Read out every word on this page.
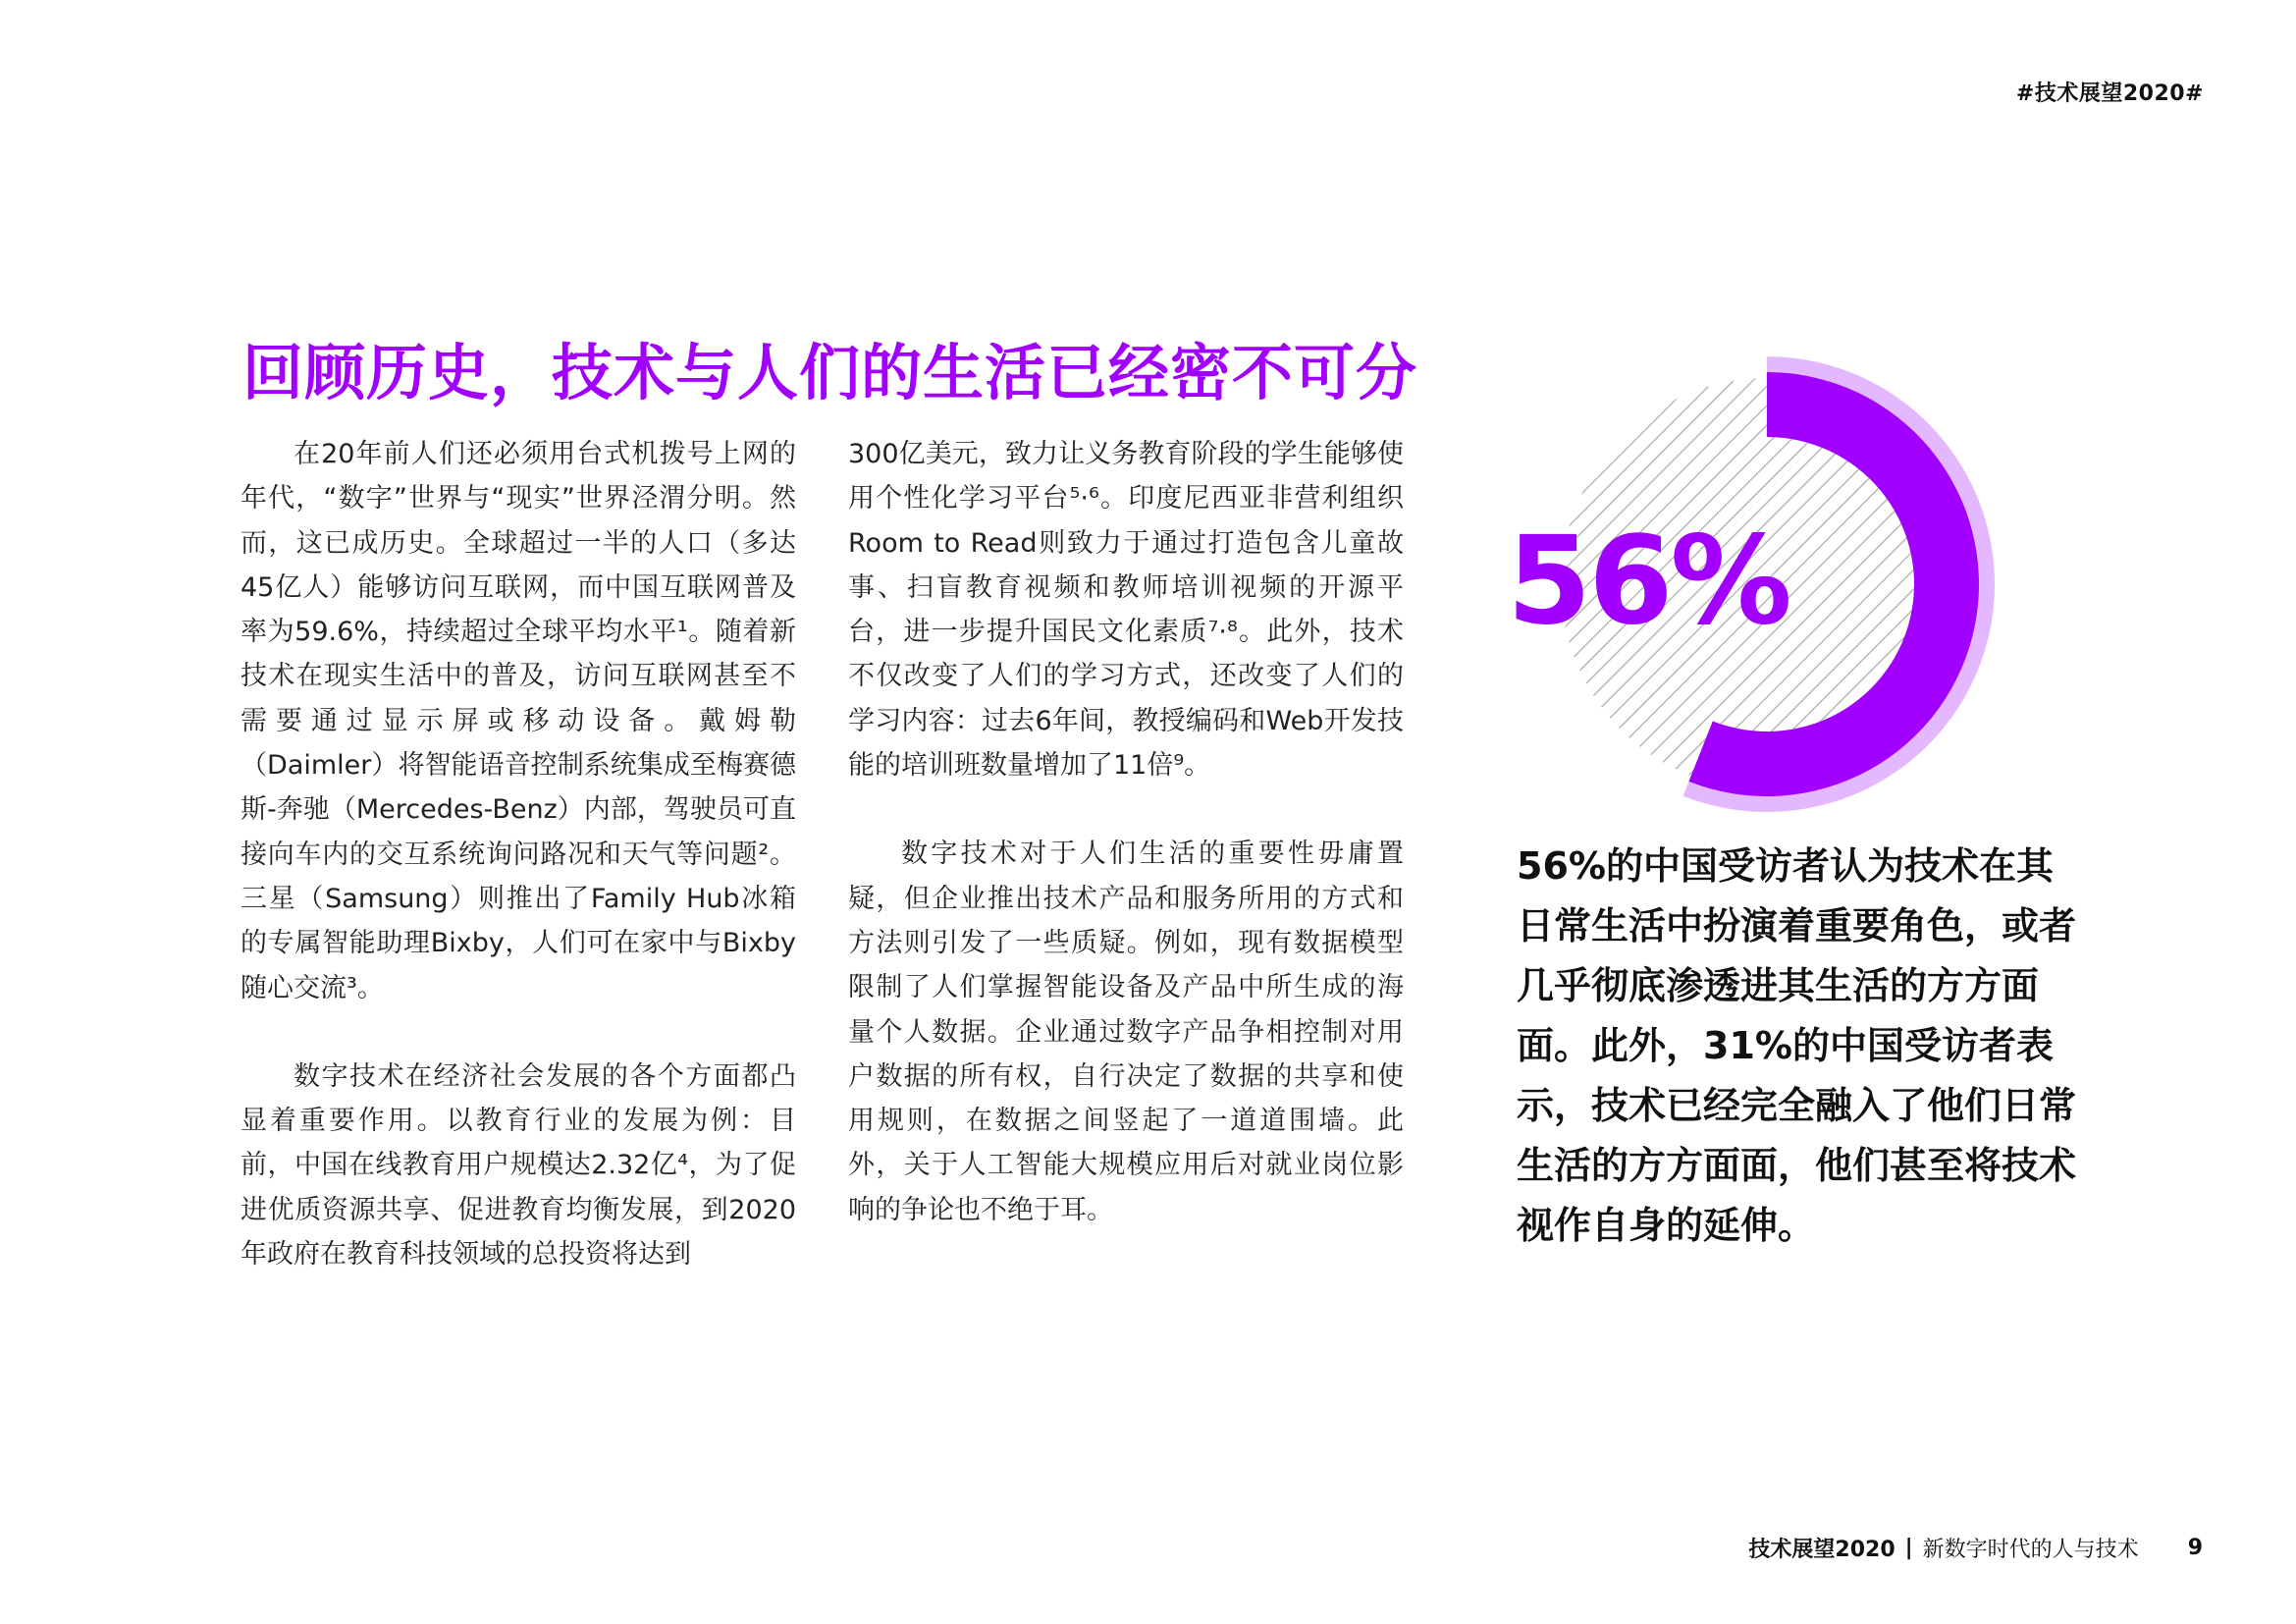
#技术展望2020#
回顾历史，技术与人们的生活已经密不可分

在20年前人们还必须用台式机拨号上网的年代，“数字”世界与“现实”世界泾渭分明。然而，这已成历史。全球超过一半的人口（多达45亿人）能够访问互联网，而中国互联网普及率为59.6%，持续超过全球平均水平¹。随着新技术在现实生活中的普及，访问互联网甚至不需要通过显示屏或移动设备。戴姆勒（Daimler）将智能语音控制系统集成至梅赛德斯-奔驰（Mercedes-Benz）内部，驾驶员可直接向车内的交互系统询问路况和天气等问题²。三星（Samsung）则推出了Family Hub冰箱的专属智能助理Bixby，人们可在家中与Bixby随心交流³。

数字技术在经济社会发展的各个方面都凸显着重要作用。以教育行业的发展为例：目前，中国在线教育用户规模达2.32亿⁴，为了促进优质资源共享、促进教育均衡发展，到2020年政府在教育科技领域的总投资将达到

300亿美元，致力让义务教育阶段的学生能够使用个性化学习平台⁵·⁶。印度尼西亚非营利组织Room to Read则致力于通过打造包含儿童故事、扫盲教育视频和教师培训视频的开源平台，进一步提升国民文化素质⁷·⁸。此外，技术不仅改变了人们的学习方式，还改变了人们的学习内容：过去6年间，教授编码和Web开发技能的培训班数量增加了11倍⁹。

数字技术对于人们生活的重要性毋庸置疑，但企业推出技术产品和服务所用的方式和方法则引发了一些质疑。例如，现有数据模型限制了人们掌握智能设备及产品中所生成的海量个人数据。企业通过数字产品争相控制对用户数据的所有权，自行决定了数据的共享和使用规则，在数据之间竖起了一道道围墙。此外，关于人工智能大规模应用后对就业岗位影响的争论也不绝于耳。

56%

56%的中国受访者认为技术在其日常生活中扮演着重要角色，或者几乎彻底渗透进其生活的方方面面。此外，31%的中国受访者表示，技术已经完全融入了他们日常生活的方方面面，他们甚至将技术视作自身的延伸。

技术展望2020 | 新数字时代的人与技术 9
